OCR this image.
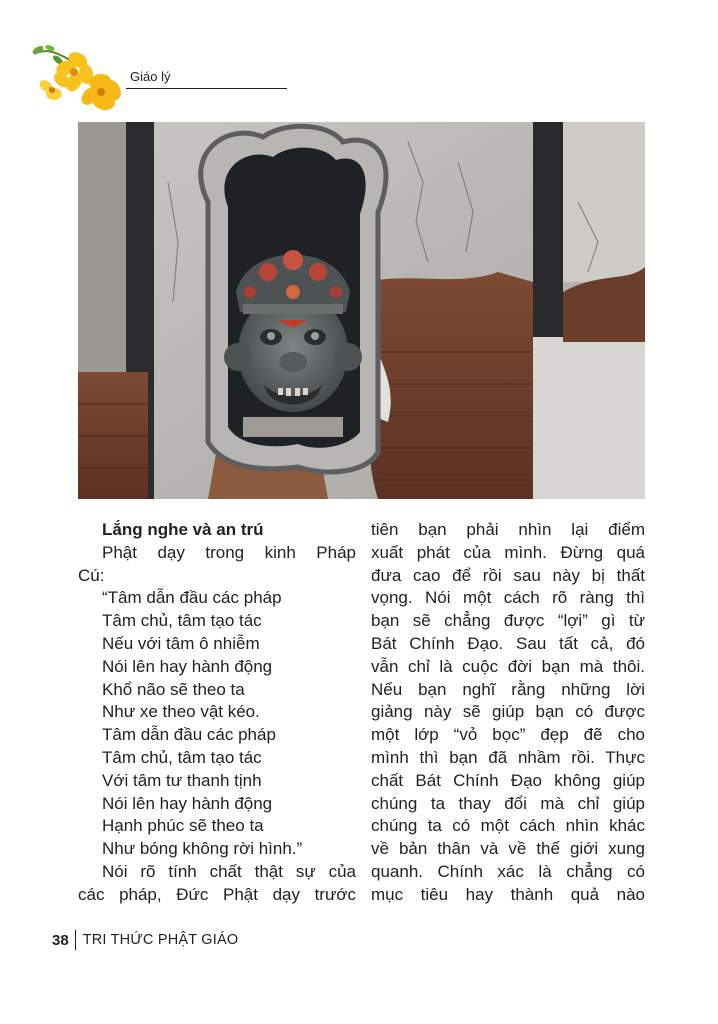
Giáo lý

Lắng nghe và an trú

Phật dạy trong kinh Pháp

Cú:

“Tâm dẫn đầu các pháp

Tâm chủ, tâm tạo tác

Nếu với tâm ô nhiễm

Nói lên hay hành động

Khổ não sẽ theo ta

Như xe theo vật kéo.

Tâm dẫn đầu các pháp

Tâm chủ, tâm tạo tác

Với tâm tư thanh tịnh

Nói lên hay hành động

Hạnh phúc sẽ theo ta

Như bóng không rời hình.”

Nói rõ tính chất thật sự của

các pháp, Đức Phật dạy trước

tiên bạn phải nhìn lại điểm

xuất phát của mình. Đừng quá

đưa cao để rồi sau này bị thất

vọng. Nói một cách rõ ràng thì

bạn sẽ chẳng được “lợi” gì từ

Bát Chính Đạo. Sau tất cả, đó

vẫn chỉ là cuộc đời bạn mà thôi.

Nếu bạn nghĩ rằng những lời

giảng này sẽ giúp bạn có được

một lớp “vỏ bọc” đẹp đẽ cho

mình thì bạn đã nhầm rồi. Thực

chất Bát Chính Đạo không giúp

chúng ta thay đổi mà chỉ giúp

chúng ta có một cách nhìn khác

về bản thân và về thế giới xung

quanh. Chính xác là chẳng có

mục tiêu hay thành quả nào

38 TRI THỨC PHẬT GIÁO
